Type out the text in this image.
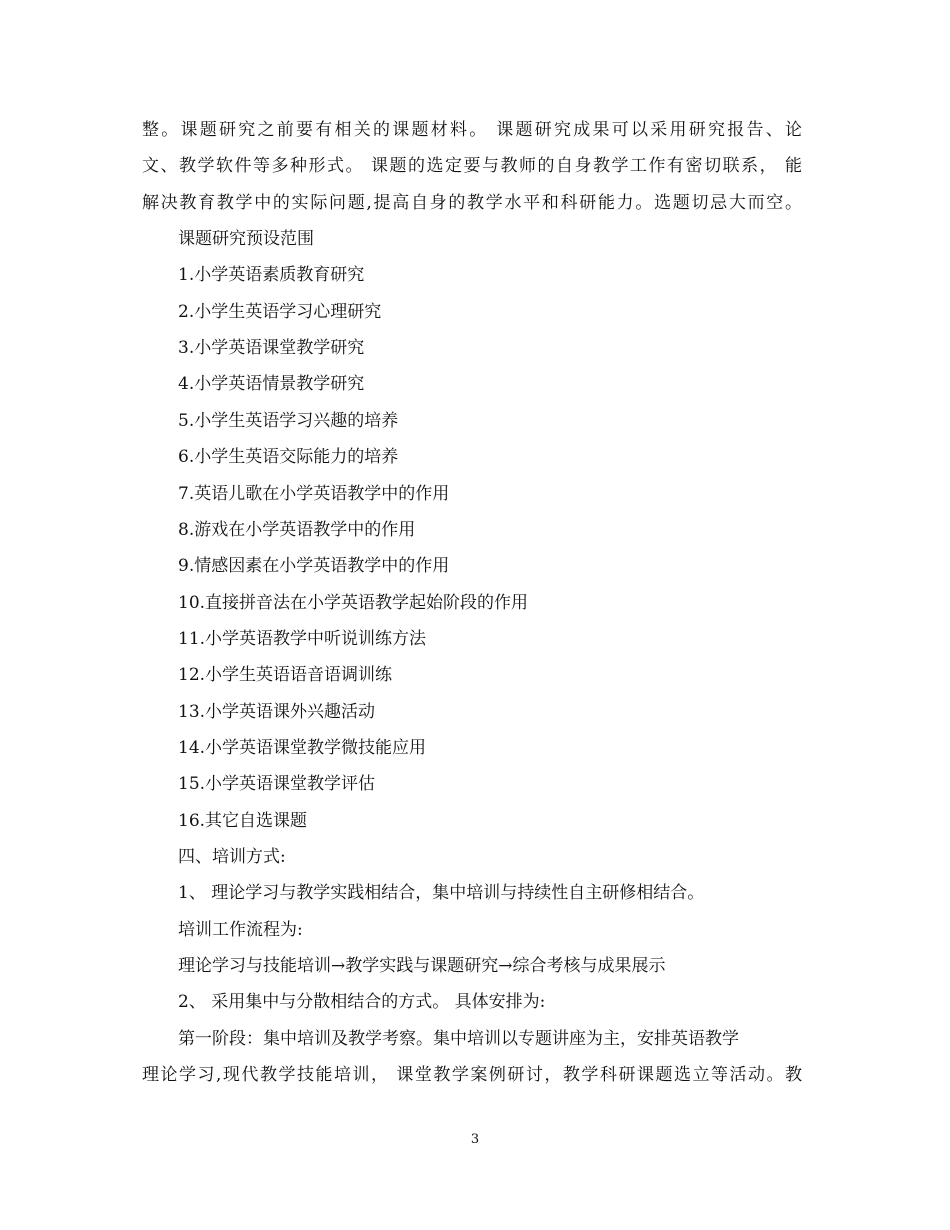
整。课题研究之前要有相关的课题材料。 课题研究成果可以采用研究报告、论
文、教学软件等多种形式。 课题的选定要与教师的自身教学工作有密切联系， 能
解决教育教学中的实际问题,提高自身的教学水平和科研能力。选题切忌大而空。
课题研究预设范围
1.小学英语素质教育研究
2.小学生英语学习心理研究
3.小学英语课堂教学研究
4.小学英语情景教学研究
5.小学生英语学习兴趣的培养
6.小学生英语交际能力的培养
7.英语儿歌在小学英语教学中的作用
8.游戏在小学英语教学中的作用
9.情感因素在小学英语教学中的作用
10.直接拼音法在小学英语教学起始阶段的作用
11.小学英语教学中听说训练方法
12.小学生英语语音语调训练
13.小学英语课外兴趣活动
14.小学英语课堂教学微技能应用
15.小学英语课堂教学评估
16.其它自选课题
四、培训方式:
1、 理论学习与教学实践相结合，集中培训与持续性自主研修相结合。
培训工作流程为:
理论学习与技能培训→教学实践与课题研究→综合考核与成果展示
2、 采用集中与分散相结合的方式。 具体安排为:
第一阶段：集中培训及教学考察。集中培训以专题讲座为主，安排英语教学
理论学习,现代教学技能培训， 课堂教学案例研讨，教学科研课题选立等活动。教
3
